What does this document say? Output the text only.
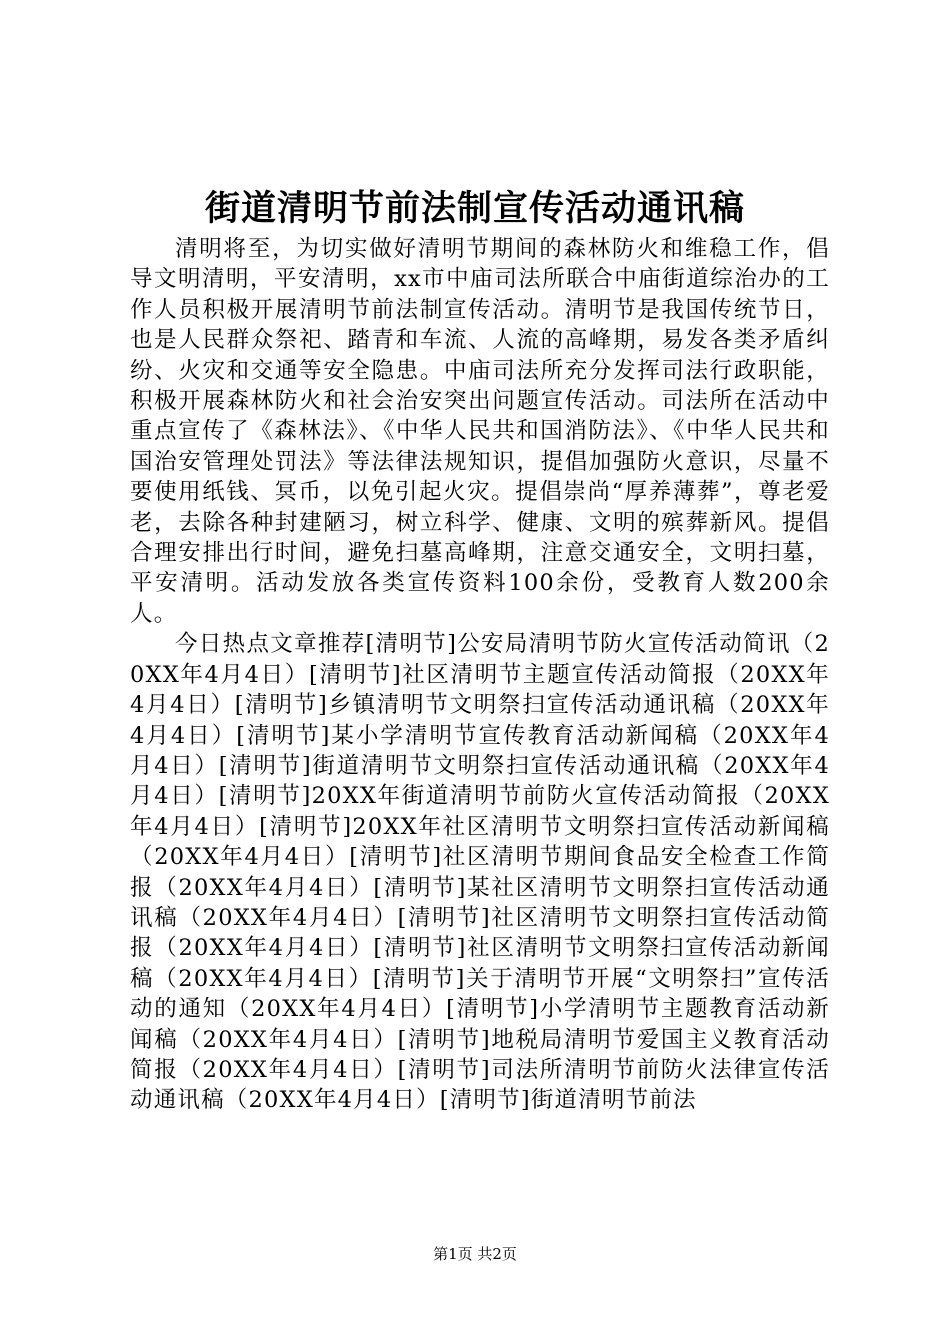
街道清明节前法制宣传活动通讯稿

清明将至，为切实做好清明节期间的森林防火和维稳工作，倡导文明清明，平安清明，xx市中庙司法所联合中庙街道综治办的工作人员积极开展清明节前法制宣传活动。清明节是我国传统节日，也是人民群众祭祀、踏青和车流、人流的高峰期，易发各类矛盾纠纷、火灾和交通等安全隐患。中庙司法所充分发挥司法行政职能，积极开展森林防火和社会治安突出问题宣传活动。司法所在活动中重点宣传了《森林法》、《中华人民共和国消防法》、《中华人民共和国治安管理处罚法》等法律法规知识，提倡加强防火意识，尽量不要使用纸钱、冥币，以免引起火灾。提倡崇尚“厚养薄葬”，尊老爱老，去除各种封建陋习，树立科学、健康、文明的殡葬新风。提倡合理安排出行时间，避免扫墓高峰期，注意交通安全，文明扫墓，平安清明。活动发放各类宣传资料100余份，受教育人数200余人。

今日热点文章推荐[清明节]公安局清明节防火宣传活动简讯（20XX年4月4日）[清明节]社区清明节主题宣传活动简报（20XX年4月4日）[清明节]乡镇清明节文明祭扫宣传活动通讯稿（20XX年4月4日）[清明节]某小学清明节宣传教育活动新闻稿（20XX年4月4日）[清明节]街道清明节文明祭扫宣传活动通讯稿（20XX年4月4日）[清明节]20XX年街道清明节前防火宣传活动简报（20XX年4月4日）[清明节]20XX年社区清明节文明祭扫宣传活动新闻稿（20XX年4月4日）[清明节]社区清明节期间食品安全检查工作简报（20XX年4月4日）[清明节]某社区清明节文明祭扫宣传活动通讯稿（20XX年4月4日）[清明节]社区清明节文明祭扫宣传活动简报（20XX年4月4日）[清明节]社区清明节文明祭扫宣传活动新闻稿（20XX年4月4日）[清明节]关于清明节开展“文明祭扫”宣传活动的通知（20XX年4月4日）[清明节]小学清明节主题教育活动新闻稿（20XX年4月4日）[清明节]地税局清明节爱国主义教育活动简报（20XX年4月4日）[清明节]司法所清明节前防火法律宣传活动通讯稿（20XX年4月4日）[清明节]街道清明节前法

第1页 共2页
